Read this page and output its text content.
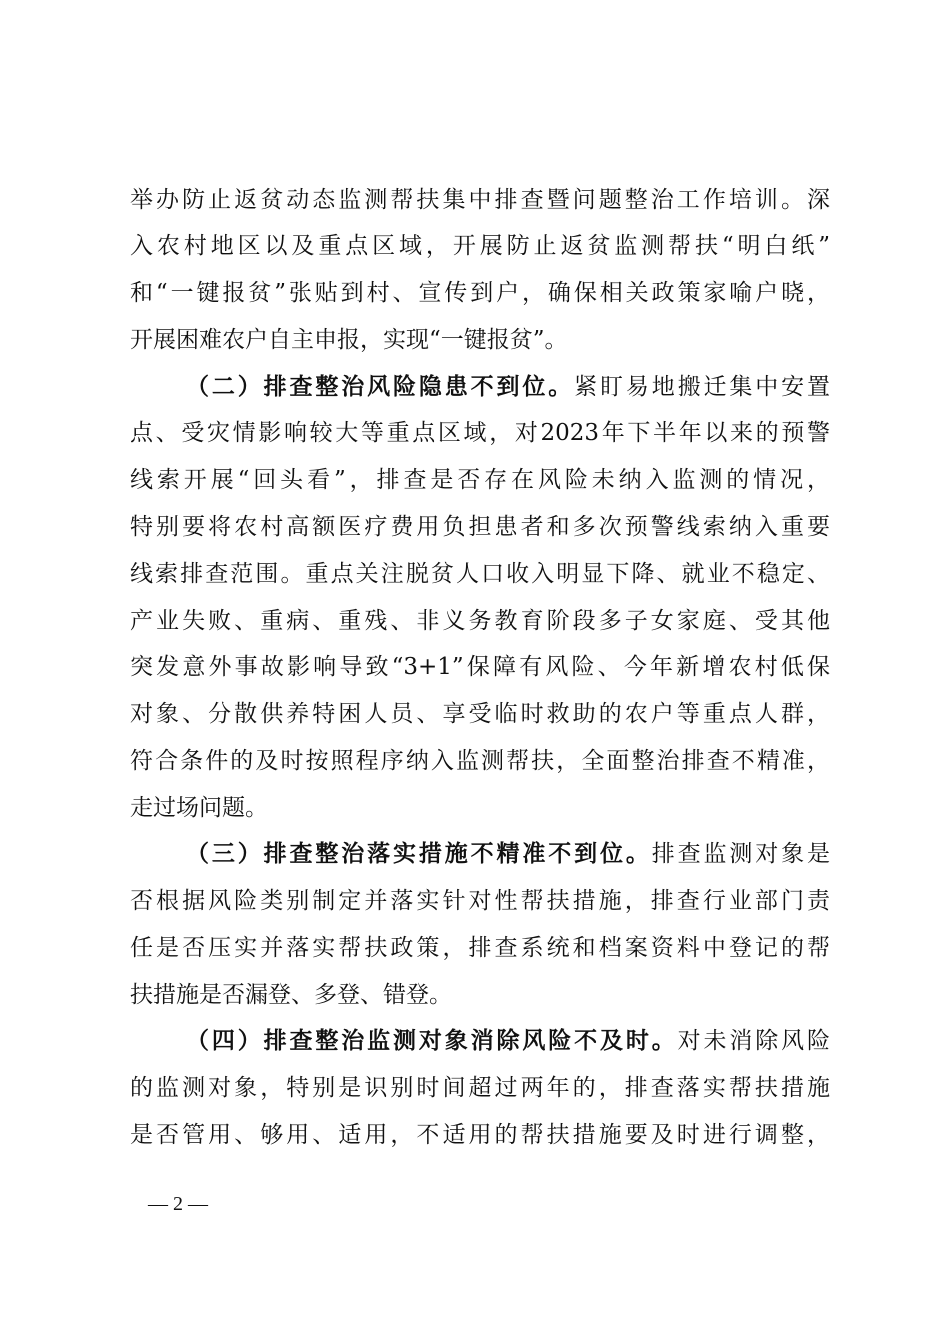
举办防止返贫动态监测帮扶集中排查暨问题整治工作培训。深
入农村地区以及重点区域，开展防止返贫监测帮扶“明白纸”
和“一键报贫”张贴到村、宣传到户，确保相关政策家喻户晓，
开展困难农户自主申报，实现“一键报贫”。
（二）排查整治风险隐患不到位。紧盯易地搬迁集中安置
点、受灾情影响较大等重点区域，对2023年下半年以来的预警
线索开展“回头看”，排查是否存在风险未纳入监测的情况，
特别要将农村高额医疗费用负担患者和多次预警线索纳入重要
线索排查范围。重点关注脱贫人口收入明显下降、就业不稳定、
产业失败、重病、重残、非义务教育阶段多子女家庭、受其他
突发意外事故影响导致“3+1”保障有风险、今年新增农村低保
对象、分散供养特困人员、享受临时救助的农户等重点人群，
符合条件的及时按照程序纳入监测帮扶，全面整治排查不精准，
走过场问题。
（三）排查整治落实措施不精准不到位。排查监测对象是
否根据风险类别制定并落实针对性帮扶措施，排查行业部门责
任是否压实并落实帮扶政策，排查系统和档案资料中登记的帮
扶措施是否漏登、多登、错登。
（四）排查整治监测对象消除风险不及时。对未消除风险
的监测对象，特别是识别时间超过两年的，排查落实帮扶措施
是否管用、够用、适用，不适用的帮扶措施要及时进行调整，
— 2 —
